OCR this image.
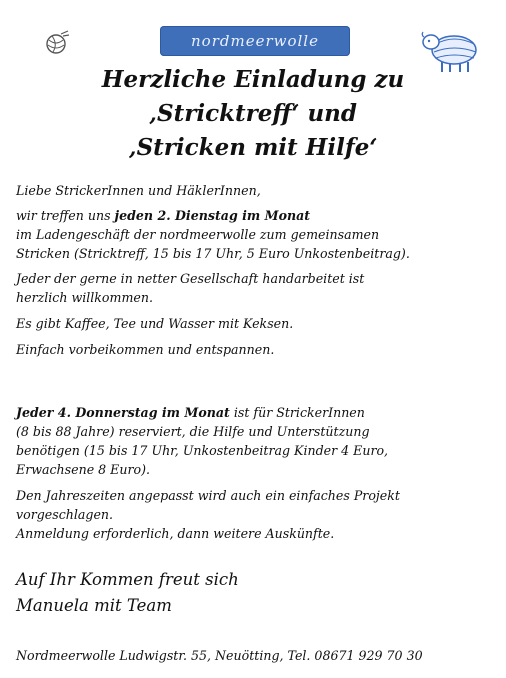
nordmeerwolle
Herzliche Einladung zu
‚Stricktreff‘ und
‚Stricken mit Hilfe‘
Liebe StrickerInnen und HäklerInnen,
wir treffen uns jeden 2. Dienstag im Monat
im Ladengeschäft der nordmeerwolle zum gemeinsamen
Stricken (Stricktreff, 15 bis 17 Uhr, 5 Euro Unkostenbeitrag).
Jeder der gerne in netter Gesellschaft handarbeitet ist
herzlich willkommen.
Es gibt Kaffee, Tee und Wasser mit Keksen.
Einfach vorbeikommen und entspannen.
Jeder 4. Donnerstag im Monat ist für StrickerInnen
(8 bis 88 Jahre) reserviert, die Hilfe und Unterstützung
benötigen (15 bis 17 Uhr, Unkostenbeitrag Kinder 4 Euro,
Erwachsene 8 Euro).
Den Jahreszeiten angepasst wird auch ein einfaches Projekt
vorgeschlagen.
Anmeldung erforderlich, dann weitere Auskünfte.
Auf Ihr Kommen freut sich
Manuela mit Team
Nordmeerwolle Ludwigstr. 55, Neuötting, Tel. 08671 929 70 30
